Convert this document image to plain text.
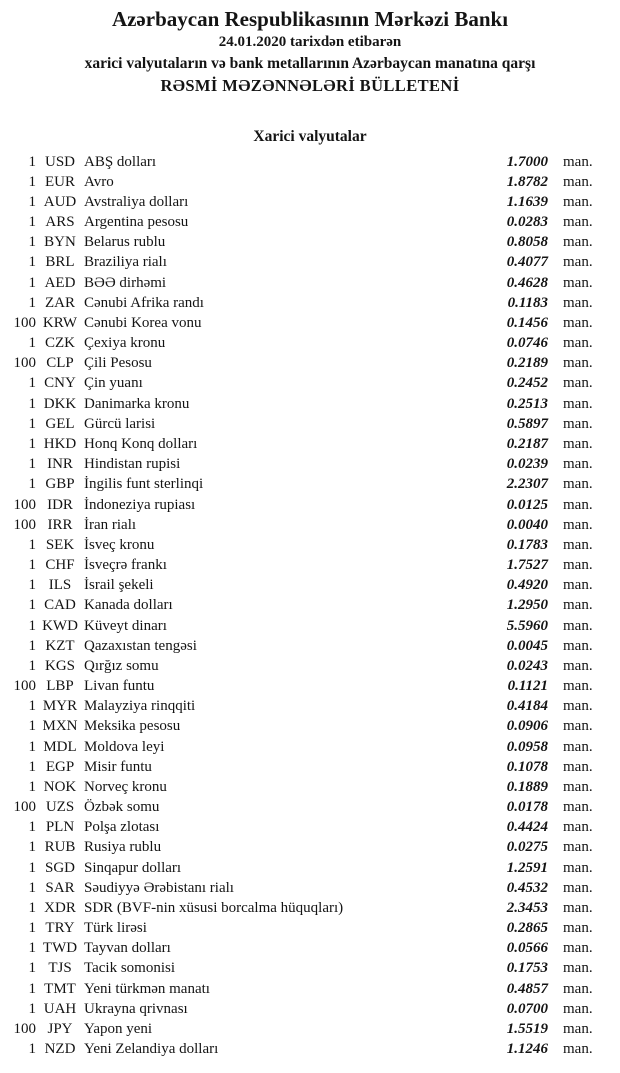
Azərbaycan Respublikasının Mərkəzi Bankı
24.01.2020 tarixdən etibarən
xarici valyutaların və bank metallarının Azərbaycan manatına qarşı
RƏSMİ MƏZƏNNƏLƏRİ BÜLLETENİ
Xarici valyutalar
1 USD ABŞ dolları	1.7000	man.
1 EUR Avro	1.8782	man.
1 AUD Avstraliya dolları	1.1639	man.
1 ARS Argentina pesosu	0.0283	man.
1 BYN Belarus rublu	0.8058	man.
1 BRL Braziliya rialı	0.4077	man.
1 AED BƏƏ dirhəmi	0.4628	man.
1 ZAR Cənubi Afrika randı	0.1183	man.
100 KRW Cənubi Korea vonu	0.1456	man.
1 CZK Çexiya kronu	0.0746	man.
100 CLP Çili Pesosu	0.2189	man.
1 CNY Çin yuanı	0.2452	man.
1 DKK Danimarka kronu	0.2513	man.
1 GEL Gürcü larisi	0.5897	man.
1 HKD Honq Konq dolları	0.2187	man.
1 INR Hindistan rupisi	0.0239	man.
1 GBP İngilis funt sterlinqi	2.2307	man.
100 IDR İndoneziya rupiası	0.0125	man.
100 IRR İran rialı	0.0040	man.
1 SEK İsveç kronu	0.1783	man.
1 CHF İsveçrə frankı	1.7527	man.
1 ILS İsrail şekeli	0.4920	man.
1 CAD Kanada dolları	1.2950	man.
1 KWD Küveyt dinarı	5.5960	man.
1 KZT Qazaxıstan tengəsi	0.0045	man.
1 KGS Qırğız somu	0.0243	man.
100 LBP Livan funtu	0.1121	man.
1 MYR Malayziya rinqqiti	0.4184	man.
1 MXN Meksika pesosu	0.0906	man.
1 MDL Moldova leyi	0.0958	man.
1 EGP Misir funtu	0.1078	man.
1 NOK Norveç kronu	0.1889	man.
100 UZS Özbək somu	0.0178	man.
1 PLN Polşa zlotası	0.4424	man.
1 RUB Rusiya rublu	0.0275	man.
1 SGD Sinqapur dolları	1.2591	man.
1 SAR Səudiyyə Ərəbistanı rialı	0.4532	man.
1 XDR SDR (BVF-nin xüsusi borcalma hüquqları)	2.3453	man.
1 TRY Türk lirəsi	0.2865	man.
1 TWD Tayvan dolları	0.0566	man.
1 TJS Tacik somonisi	0.1753	man.
1 TMT Yeni türkmən manatı	0.4857	man.
1 UAH Ukrayna qrivnası	0.0700	man.
100 JPY Yapon yeni	1.5519	man.
1 NZD Yeni Zelandiya dolları	1.1246	man.
